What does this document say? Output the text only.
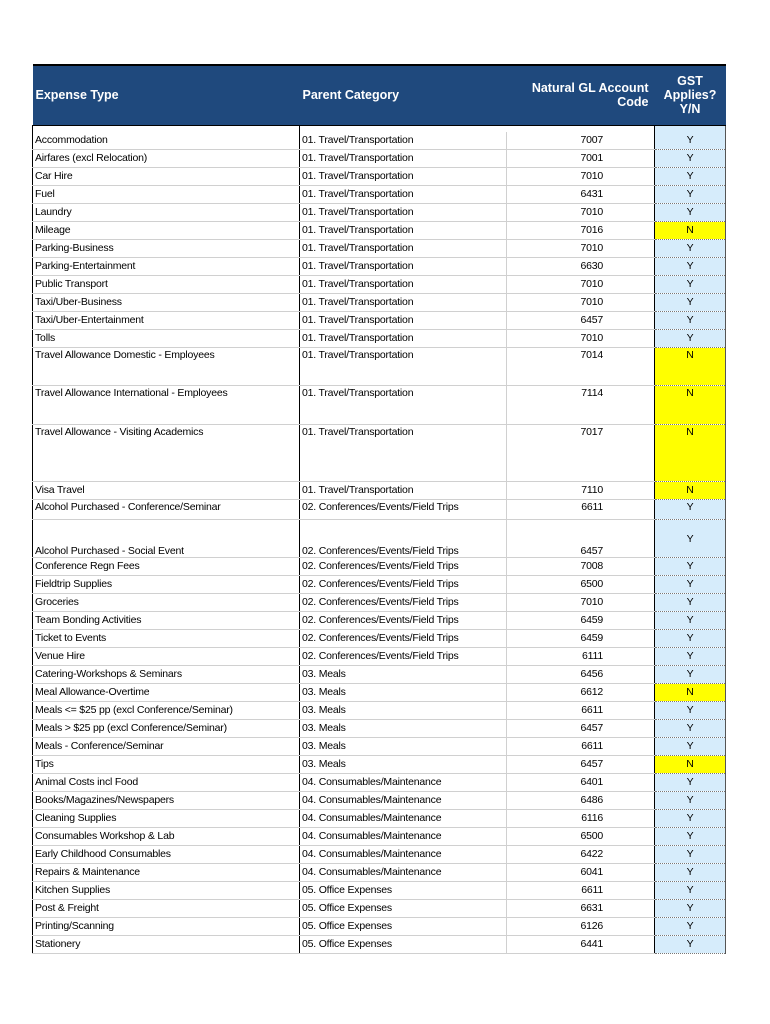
Expense Type	Parent Category	Natural GL Account Code	GST Applies? Y/N

Accommodation	01. Travel/Transportation	7007	Y
Airfares (excl Relocation)	01. Travel/Transportation	7001	Y
Car Hire	01. Travel/Transportation	7010	Y
Fuel	01. Travel/Transportation	6431	Y
Laundry	01. Travel/Transportation	7010	Y
Mileage	01. Travel/Transportation	7016	N
Parking-Business	01. Travel/Transportation	7010	Y
Parking-Entertainment	01. Travel/Transportation	6630	Y
Public Transport	01. Travel/Transportation	7010	Y
Taxi/Uber-Business	01. Travel/Transportation	7010	Y
Taxi/Uber-Entertainment	01. Travel/Transportation	6457	Y
Tolls	01. Travel/Transportation	7010	Y
Travel Allowance Domestic - Employees	01. Travel/Transportation	7014	N
Travel Allowance International - Employees	01. Travel/Transportation	7114	N
Travel Allowance - Visiting Academics	01. Travel/Transportation	7017	N
Visa Travel	01. Travel/Transportation	7110	N
Alcohol Purchased - Conference/Seminar	02. Conferences/Events/Field Trips	6611	Y
Alcohol Purchased - Social Event	02. Conferences/Events/Field Trips	6457	Y
Conference Regn Fees	02. Conferences/Events/Field Trips	7008	Y
Fieldtrip Supplies	02. Conferences/Events/Field Trips	6500	Y
Groceries	02. Conferences/Events/Field Trips	7010	Y
Team Bonding Activities	02. Conferences/Events/Field Trips	6459	Y
Ticket to Events	02. Conferences/Events/Field Trips	6459	Y
Venue Hire	02. Conferences/Events/Field Trips	6111	Y
Catering-Workshops & Seminars	03. Meals	6456	Y
Meal Allowance-Overtime	03. Meals	6612	N
Meals <= $25 pp (excl Conference/Seminar)	03. Meals	6611	Y
Meals > $25 pp (excl Conference/Seminar)	03. Meals	6457	Y
Meals - Conference/Seminar	03. Meals	6611	Y
Tips	03. Meals	6457	N
Animal Costs incl Food	04. Consumables/Maintenance	6401	Y
Books/Magazines/Newspapers	04. Consumables/Maintenance	6486	Y
Cleaning Supplies	04. Consumables/Maintenance	6116	Y
Consumables Workshop & Lab	04. Consumables/Maintenance	6500	Y
Early Childhood Consumables	04. Consumables/Maintenance	6422	Y
Repairs & Maintenance	04. Consumables/Maintenance	6041	Y
Kitchen Supplies	05. Office Expenses	6611	Y
Post & Freight	05. Office Expenses	6631	Y
Printing/Scanning	05. Office Expenses	6126	Y
Stationery	05. Office Expenses	6441	Y
